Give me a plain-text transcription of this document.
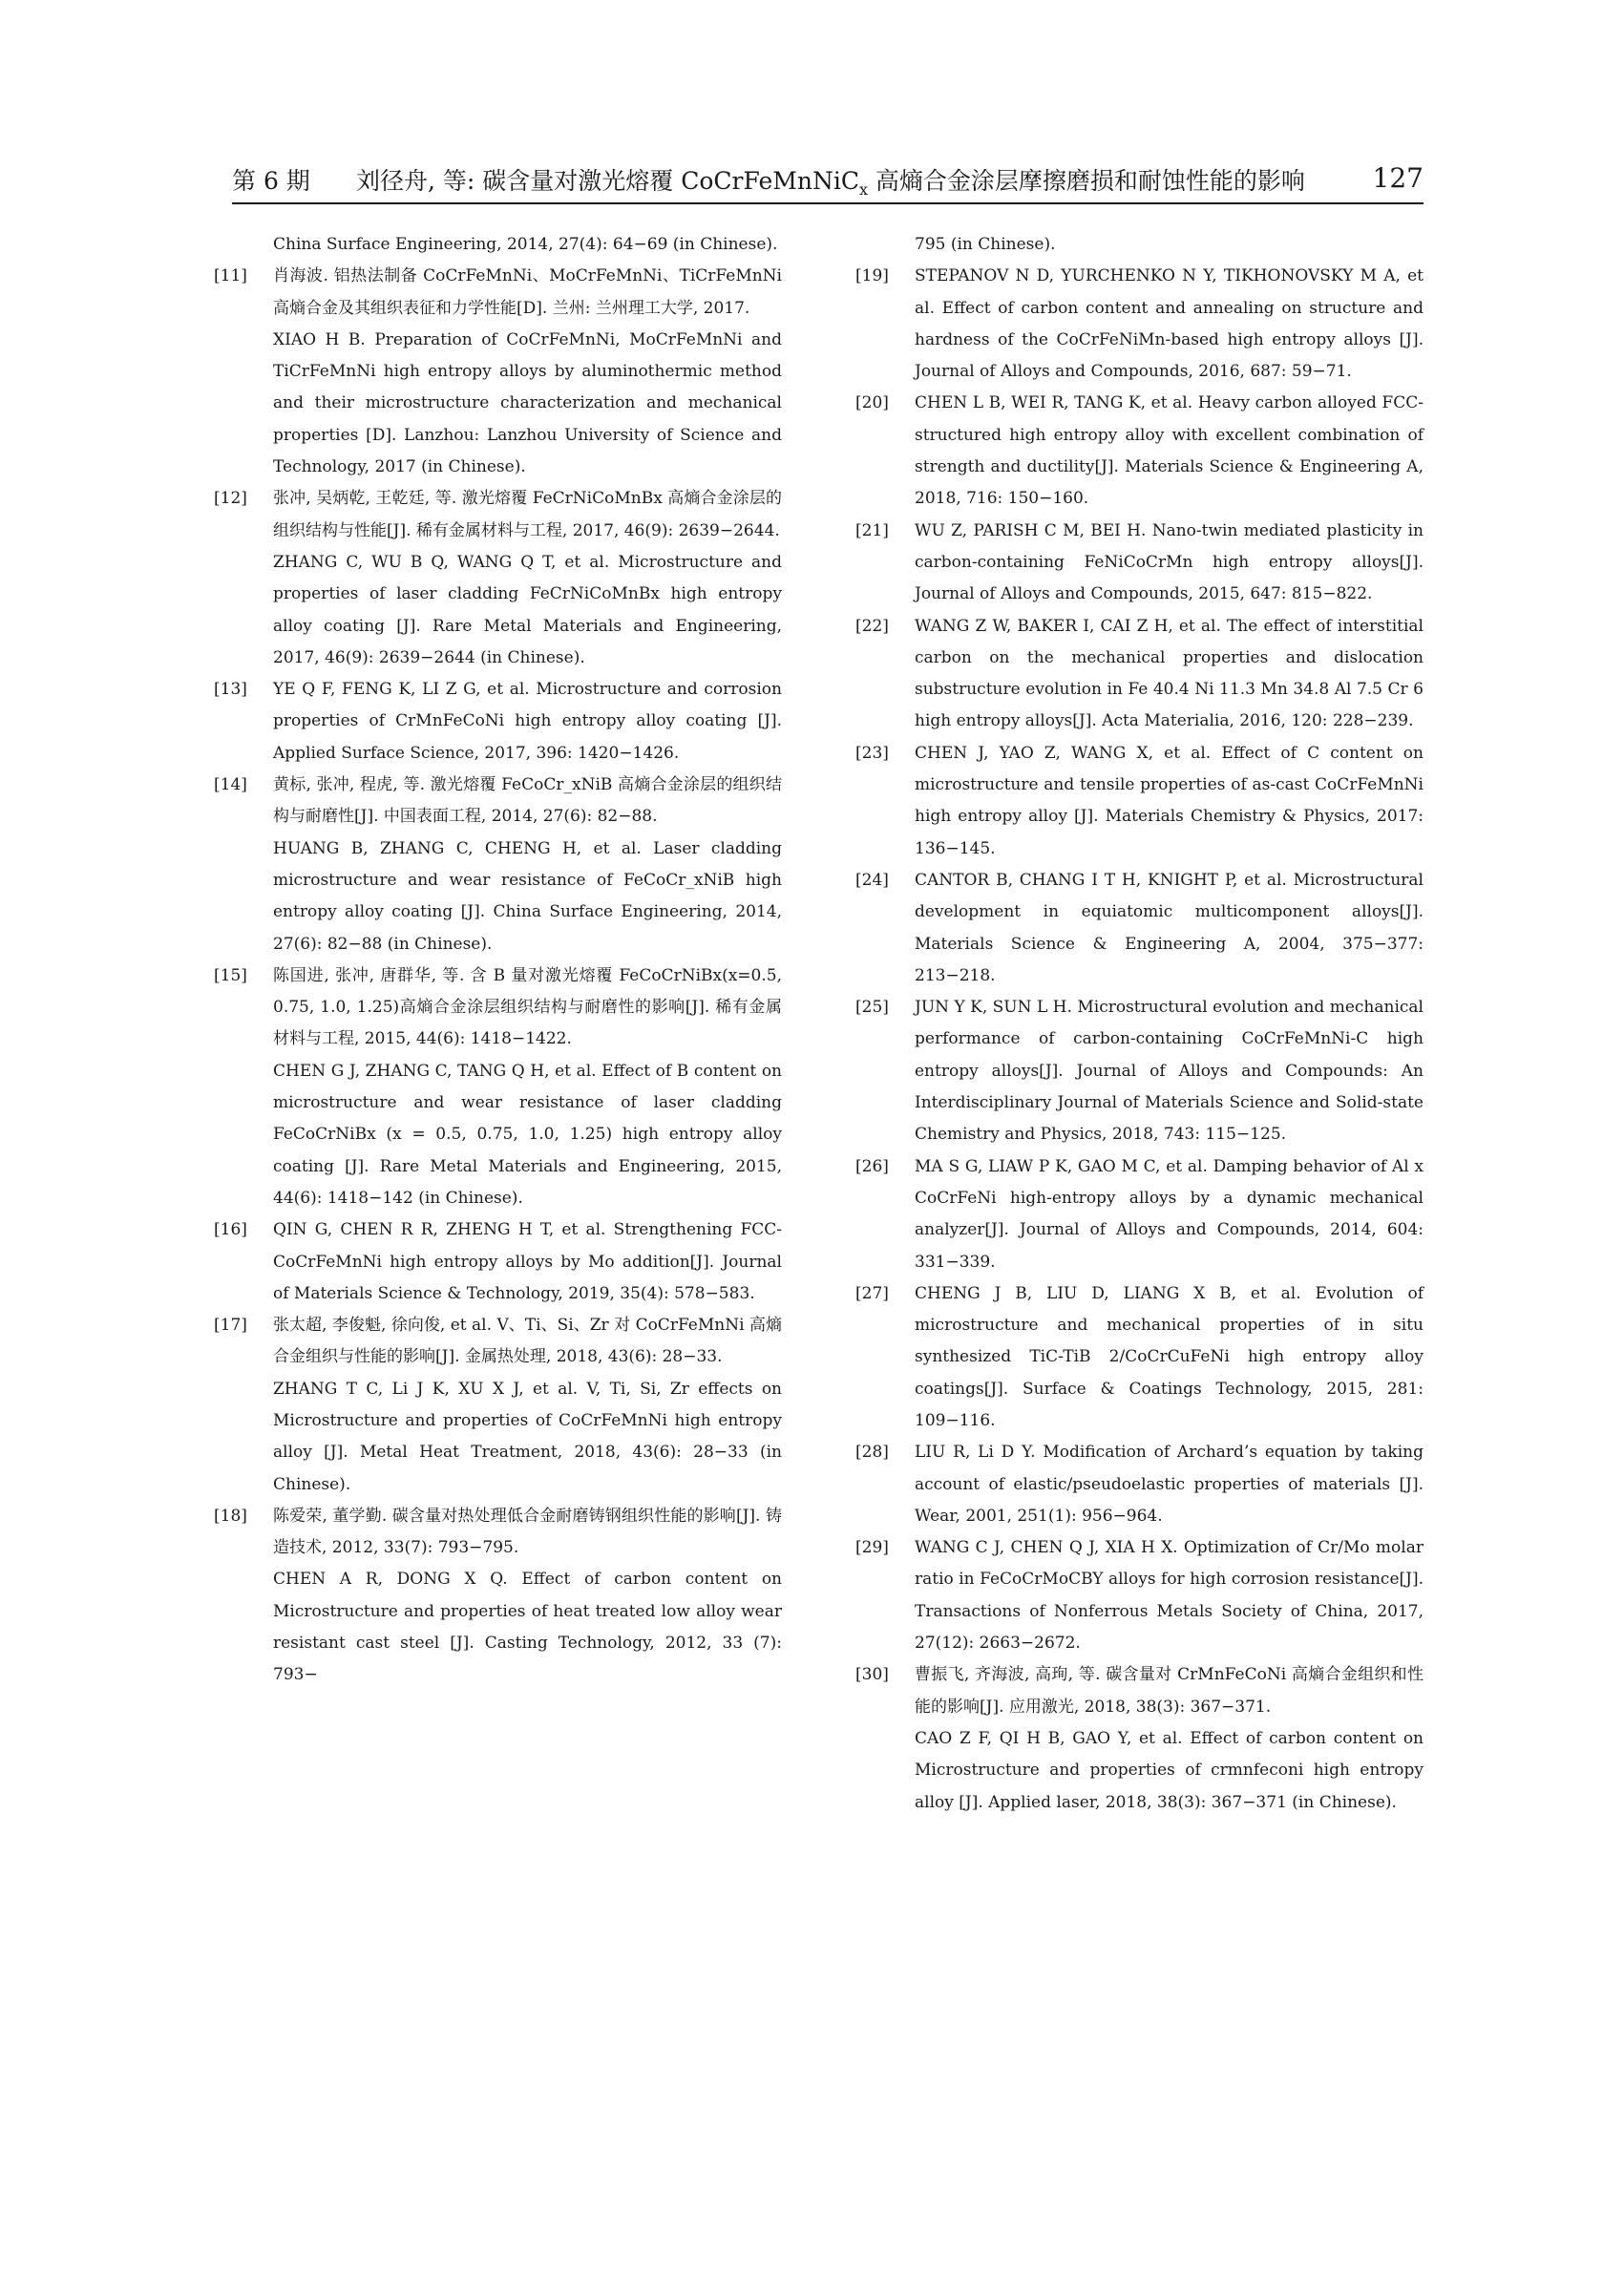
第 6 期 刘径舟, 等: 碳含量对激光熔覆 CoCrFeMnNiC$_x$ 高熵合金涂层摩擦磨损和耐蚀性能的影响	127
China Surface Engineering, 2014, 27(4): 64−69 (in Chinese).
[11]	肖海波. 铝热法制备 CoCrFeMnNi、MoCrFeMnNi、TiCrFeMnNi 高熵合金及其组织表征和力学性能[D]. 兰州: 兰州理工大学, 2017.

XIAO H B. Preparation of CoCrFeMnNi, MoCrFeMnNi and TiCrFeMnNi high entropy alloys by aluminothermic method and their microstructure characterization and mechanical properties [D]. Lanzhou: Lanzhou University of Science and Technology, 2017 (in Chinese).

[12]	张冲, 吴炳乾, 王乾廷, 等. 激光熔覆 FeCrNiCoMnBx 高熵合金涂层的组织结构与性能[J]. 稀有金属材料与工程, 2017, 46(9): 2639−2644.

ZHANG C, WU B Q, WANG Q T, et al. Microstructure and properties of laser cladding FeCrNiCoMnBx high entropy alloy coating [J]. Rare Metal Materials and Engineering, 2017, 46(9): 2639−2644 (in Chinese).

[13]	YE Q F, FENG K, LI Z G, et al. Microstructure and corrosion properties of CrMnFeCoNi high entropy alloy coating [J]. Applied Surface Science, 2017, 396: 1420−1426.

[14]	黄标, 张冲, 程虎, 等. 激光熔覆 FeCoCr_xNiB 高熵合金涂层的组织结构与耐磨性[J]. 中国表面工程, 2014, 27(6): 82−88.

HUANG B, ZHANG C, CHENG H, et al. Laser cladding microstructure and wear resistance of FeCoCr_xNiB high entropy alloy coating [J]. China Surface Engineering, 2014, 27(6): 82−88 (in Chinese).

[15]	陈国进, 张冲, 唐群华, 等. 含 B 量对激光熔覆 FeCoCrNiBx(x=0.5, 0.75, 1.0, 1.25)高熵合金涂层组织结构与耐磨性的影响[J]. 稀有金属材料与工程, 2015, 44(6): 1418−1422.

CHEN G J, ZHANG C, TANG Q H, et al. Effect of B content on microstructure and wear resistance of laser cladding FeCoCrNiBx (x = 0.5, 0.75, 1.0, 1.25) high entropy alloy coating [J]. Rare Metal Materials and Engineering, 2015, 44(6): 1418−142 (in Chinese).

[16]	QIN G, CHEN R R, ZHENG H T, et al. Strengthening FCC-CoCrFeMnNi high entropy alloys by Mo addition[J]. Journal of Materials Science & Technology, 2019, 35(4): 578−583.

[17]	张太超, 李俊魁, 徐向俊, et al. V、Ti、Si、Zr 对 CoCrFeMnNi 高熵合金组织与性能的影响[J]. 金属热处理, 2018, 43(6): 28−33.

ZHANG T C, Li J K, XU X J, et al. V, Ti, Si, Zr effects on Microstructure and properties of CoCrFeMnNi high entropy alloy [J]. Metal Heat Treatment, 2018, 43(6): 28−33 (in Chinese).

[18]	陈爱荣, 董学勤. 碳含量对热处理低合金耐磨铸钢组织性能的影响[J]. 铸造技术, 2012, 33(7): 793−795.

CHEN A R, DONG X Q. Effect of carbon content on Microstructure and properties of heat treated low alloy wear resistant cast steel [J]. Casting Technology, 2012, 33 (7): 793−

795 (in Chinese).
[19]	STEPANOV N D, YURCHENKO N Y, TIKHONOVSKY M A, et al. Effect of carbon content and annealing on structure and hardness of the CoCrFeNiMn-based high entropy alloys [J]. Journal of Alloys and Compounds, 2016, 687: 59−71.

[20]	CHEN L B, WEI R, TANG K, et al. Heavy carbon alloyed FCC-structured high entropy alloy with excellent combination of strength and ductility[J]. Materials Science & Engineering A, 2018, 716: 150−160.

[21]	WU Z, PARISH C M, BEI H. Nano-twin mediated plasticity in carbon-containing FeNiCoCrMn high entropy alloys[J]. Journal of Alloys and Compounds, 2015, 647: 815−822.

[22]	WANG Z W, BAKER I, CAI Z H, et al. The effect of interstitial carbon on the mechanical properties and dislocation substructure evolution in Fe 40.4 Ni 11.3 Mn 34.8 Al 7.5 Cr 6 high entropy alloys[J]. Acta Materialia, 2016, 120: 228−239.

[23]	CHEN J, YAO Z, WANG X, et al. Effect of C content on microstructure and tensile properties of as-cast CoCrFeMnNi high entropy alloy [J]. Materials Chemistry & Physics, 2017: 136−145.

[24]	CANTOR B, CHANG I T H, KNIGHT P, et al. Microstructural development in equiatomic multicomponent alloys[J]. Materials Science & Engineering A, 2004, 375−377: 213−218.

[25]	JUN Y K, SUN L H. Microstructural evolution and mechanical performance of carbon-containing CoCrFeMnNi-C high entropy alloys[J]. Journal of Alloys and Compounds: An Interdisciplinary Journal of Materials Science and Solid-state Chemistry and Physics, 2018, 743: 115−125.

[26]	MA S G, LIAW P K, GAO M C, et al. Damping behavior of Al x CoCrFeNi high-entropy alloys by a dynamic mechanical analyzer[J]. Journal of Alloys and Compounds, 2014, 604: 331−339.

[27]	CHENG J B, LIU D, LIANG X B, et al. Evolution of microstructure and mechanical properties of in situ synthesized TiC-TiB 2/CoCrCuFeNi high entropy alloy coatings[J]. Surface & Coatings Technology, 2015, 281: 109−116.

[28]	LIU R, Li D Y. Modification of Archard’s equation by taking account of elastic/pseudoelastic properties of materials [J]. Wear, 2001, 251(1): 956−964.

[29]	WANG C J, CHEN Q J, XIA H X. Optimization of Cr/Mo molar ratio in FeCoCrMoCBY alloys for high corrosion resistance[J]. Transactions of Nonferrous Metals Society of China, 2017, 27(12): 2663−2672.

[30]	曹振飞, 齐海波, 高珣, 等. 碳含量对 CrMnFeCoNi 高熵合金组织和性能的影响[J]. 应用激光, 2018, 38(3): 367−371.

CAO Z F, QI H B, GAO Y, et al. Effect of carbon content on Microstructure and properties of crmnfeconi high entropy alloy [J]. Applied laser, 2018, 38(3): 367−371 (in Chinese).
